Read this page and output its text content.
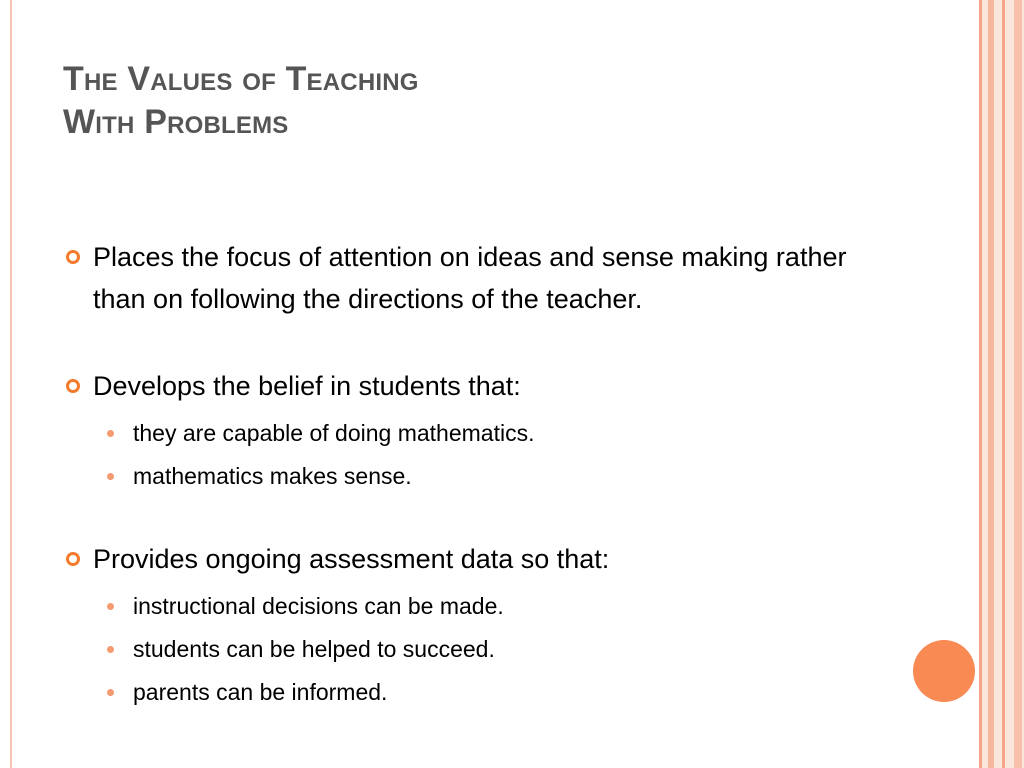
The Values of Teaching
With Problems
Places the focus of attention on ideas and sense making rather than on following the directions of the teacher.
Develops the belief in students that:
they are capable of doing mathematics.
mathematics makes sense.
Provides ongoing assessment data so that:
instructional decisions can be made.
students can be helped to succeed.
parents can be informed.
